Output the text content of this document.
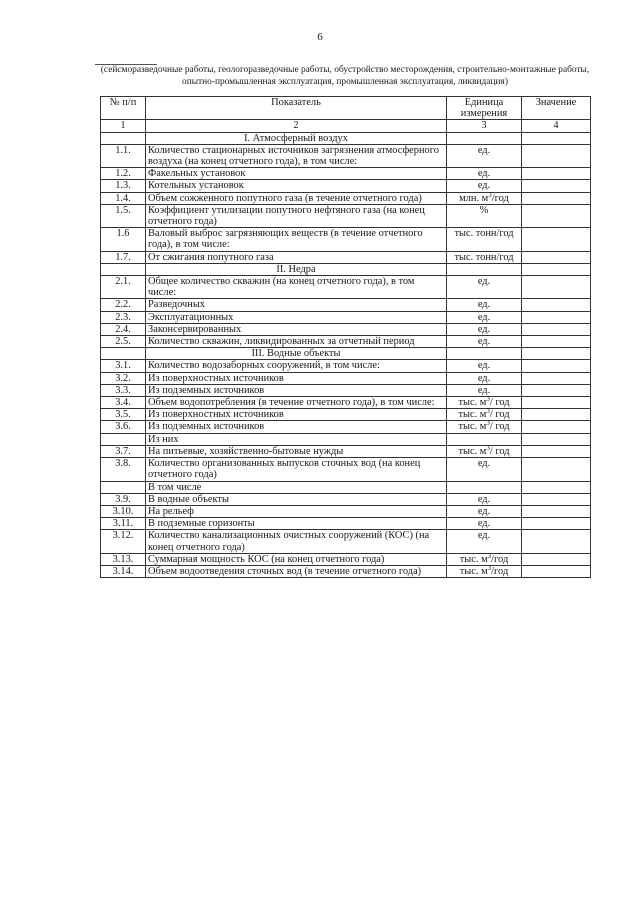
6
(сейсморазведочные работы, геологоразведочные работы, обустройство месторождения, строительно-монтажные работы, опытно-промышленная эксплуатация, промышленная эксплуатация, ликвидация)
№ п/п	Показатель	Единица измерения	Значение
1	2	3	4
	I. Атмосферный воздух		
1.1.	Количество стационарных источников загрязнения атмосферного воздуха (на конец отчетного года), в том числе:	ед.	
1.2.	Факельных установок	ед.	
1.3.	Котельных установок	ед.	
1.4.	Объем сожженного попутного газа (в течение отчетного года)	млн. $м^3$/год	
1.5.	Коэффициент утилизации попутного нефтяного газа (на конец отчетного года)	%	
1.6	Валовый выброс загрязняющих веществ (в течение отчетного года), в том числе:	тыс. тонн/год	
1.7.	От сжигания попутного газа	тыс. тонн/год	
	II. Недра		
2.1.	Общее количество скважин (на конец отчетного года), в том числе:	ед.	
2.2.	Разведочных	ед.	
2.3.	Эксплуатационных	ед.	
2.4.	Законсервированных	ед.	
2.5.	Количество скважин, ликвидированных за отчетный период	ед.	
	III. Водные объекты		
3.1.	Количество водозаборных сооружений, в том числе:	ед.	
3.2.	Из поверхностных источников	ед.	
3.3.	Из подземных источников	ед.	
3.4.	Объем водопотребления (в течение отчетного года), в том числе:	тыс. $м^3/$ год	
3.5.	Из поверхностных источников	тыс. $м^3/$ год	
3.6.	Из подземных источников	тыс. $м^3/$ год	
	Из них		
3.7.	На питьевые, хозяйственно-бытовые нужды	тыс. $м^3/$ год	
3.8.	Количество организованных выпусков сточных вод (на конец отчетного года)	ед.	
	В том числе		
3.9.	В водные объекты	ед.	
3.10.	На рельеф	ед.	
3.11.	В подземные горизонты	ед.	
3.12.	Количество канализационных очистных сооружений (КОС) (на конец отчетного года)	ед.	
3.13.	Суммарная мощность КОС (на конец отчетного года)	тыс. $м^3$/год	
3.14.	Объем водоотведения сточных вод (в течение отчетного года)	тыс. $м^3$/год	
